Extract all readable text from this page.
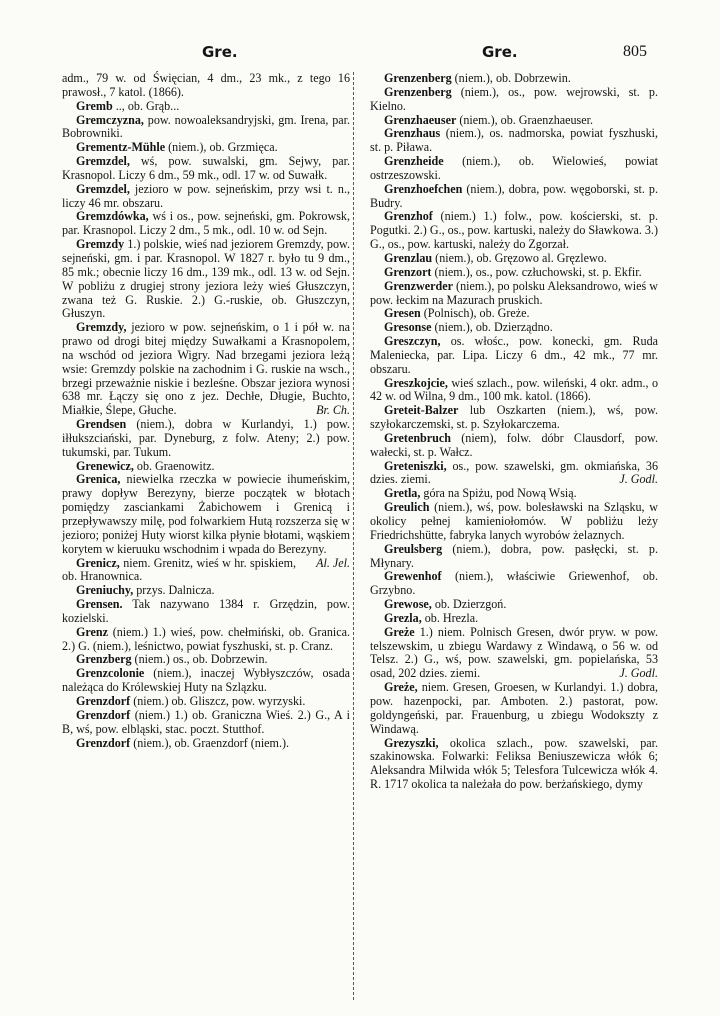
Gre.	Gre.	805

adm., 79 w. od Święcian, 4 dm., 23 mk., z tego 16 prawosł., 7 katol. (1866).

Gremb .., ob. Grąb...

Gremczyzna, pow. nowoaleksandryjski, gm. Irena, par. Bobrowniki.

Grementz-Mühle (niem.), ob. Grzmięca.

Gremzdel, wś, pow. suwalski, gm. Sejwy, par. Krasnopol. Liczy 6 dm., 59 mk., odl. 17 w. od Suwałk.

Gremzdel, jezioro w pow. sejneńskim, przy wsi t. n., liczy 46 mr. obszaru.

Gremzdówka, wś i os., pow. sejneński, gm. Pokrowsk, par. Krasnopol. Liczy 2 dm., 5 mk., odl. 10 w. od Sejn.

Gremzdy 1.) polskie, wieś nad jeziorem Gremzdy, pow. sejneński, gm. i par. Krasnopol. W 1827 r. było tu 9 dm., 85 mk.; obecnie liczy 16 dm., 139 mk., odl. 13 w. od Sejn. W pobliżu z drugiej strony jeziora leży wieś Głuszczyn, zwana też G. Ruskie. 2.) G.-ruskie, ob. Głuszczyn, Głuszyn.

Gremzdy, jezioro w pow. sejneńskim, o 1 i pół w. na prawo od drogi bitej między Suwałkami a Krasnopolem, na wschód od jeziora Wigry. Nad brzegami jeziora leżą wsie: Gremzdy polskie na zachodnim i G. ruskie na wsch., brzegi przeważnie niskie i bezleśne. Obszar jeziora wynosi 638 mr. Łączy się ono z jez. Dechłe, Długie, Buchto, Miałkie, Ślepe, Głuche.	Br. Ch.

Grendsen (niem.), dobra w Kurlandyi, 1.) pow. iłłukszciański, par. Dyneburg, z folw. Ateny; 2.) pow. tukumski, par. Tukum.

Grenewicz, ob. Graenowitz.

Grenica, niewielka rzeczka w powiecie ihumeńskim, prawy dopływ Berezyny, bierze początek w błotach pomiędzy zasciankami Żabichowem i Grenicą i przepływawszy milę, pod folwarkiem Hutą rozszerza się w jezioro; poniżej Huty wiorst kilka płynie błotami, wąskiem korytem w kieruuku wschodnim i wpada do Berezyny.
Al. Jel.

Grenicz, niem. Grenitz, wieś w hr. spiskiem, ob. Hranownica.

Greniuchy, przys. Dalnicza.

Grensen. Tak nazywano 1384 r. Grzędzin, pow. kozielski.

Grenz (niem.) 1.) wieś, pow. chełmiński, ob. Granica. 2.) G. (niem.), leśnictwo, powiat fyszhuski, st. p. Cranz.

Grenzberg (niem.) os., ob. Dobrzewin.

Grenzcolonie (niem.), inaczej Wybłyszczów, osada należąca do Królewskiej Huty na Szlązku.

Grenzdorf (niem.) ob. Gliszcz, pow. wyrzyski.

Grenzdorf (niem.) 1.) ob. Graniczna Wieś. 2.) G., A i B, wś, pow. elbląski, stac. poczt. Stutthof.

Grenzdorf (niem.), ob. Graenzdorf (niem.).

Grenzenberg (niem.), ob. Dobrzewin.

Grenzenberg (niem.), os., pow. wejrowski, st. p. Kielno.

Grenzhaeuser (niem.), ob. Graenzhaeuser.

Grenzhaus (niem.), os. nadmorska, powiat fyszhuski, st. p. Piława.

Grenzheide (niem.), ob. Wielowieś, powiat ostrzeszowski.

Grenzhoefchen (niem.), dobra, pow. węgoborski, st. p. Budry.

Grenzhof (niem.) 1.) folw., pow. kościerski, st. p. Pogutki. 2.) G., os., pow. kartuski, należy do Sławkowa. 3.) G., os., pow. kartuski, należy do Zgorzał.

Grenzlau (niem.), ob. Gręzowo al. Gręzlewo.

Grenzort (niem.), os., pow. człuchowski, st. p. Ekfir.

Grenzwerder (niem.), po polsku Aleksandrowo, wieś w pow. łeckim na Mazurach pruskich.

Gresen (Polnisch), ob. Greże.

Gresonse (niem.), ob. Dzierządno.

Greszczyn, os. włośc., pow. konecki, gm. Ruda Maleniecka, par. Lipa. Liczy 6 dm., 42 mk., 77 mr. obszaru.

Greszkojcie, wieś szlach., pow. wileński, 4 okr. adm., o 42 w. od Wilna, 9 dm., 100 mk. katol. (1866).

Greteit-Balzer lub Oszkarten (niem.), wś, pow. szyłokarczemski, st. p. Szyłokarczema.

Gretenbruch (niem), folw. dóbr Clausdorf, pow. wałecki, st. p. Wałcz.

Greteniszki, os., pow. szawelski, gm. okmiańska, 36 dzies. ziemi.	J. Godl.

Gretla, góra na Spiżu, pod Nową Wsią.

Greulich (niem.), wś, pow. bolesławski na Szląsku, w okolicy pełnej kamieniołomów. W pobliżu leży Friedrichshütte, fabryka lanych wyrobów żelaznych.

Greulsberg (niem.), dobra, pow. pasłęcki, st. p. Młynary.

Grewenhof (niem.), właściwie Griewenhof, ob. Grzybno.

Grewose, ob. Dzierzgoń.

Grezla, ob. Hrezla.

Greże 1.) niem. Polnisch Gresen, dwór pryw. w pow. telszewskim, u zbiegu Wardawy z Windawą, o 56 w. od Telsz. 2.) G., wś, pow. szawelski, gm. popielańska, 53 osad, 202 dzies. ziemi.	J. Godl.

Greże, niem. Gresen, Groesen, w Kurlandyi. 1.) dobra, pow. hazenpocki, par. Amboten. 2.) pastorat, pow. goldyngeński, par. Frauenburg, u zbiegu Wodokszty z Windawą.

Grezyszki, okolica szlach., pow. szawelski, par. szakinowska. Folwarki: Feliksa Beniuszewicza włók 6; Aleksandra Milwida włók 5; Telesfora Tulcewicza włók 4. R. 1717 okolica ta należała do pow. berżańskiego, dymy
